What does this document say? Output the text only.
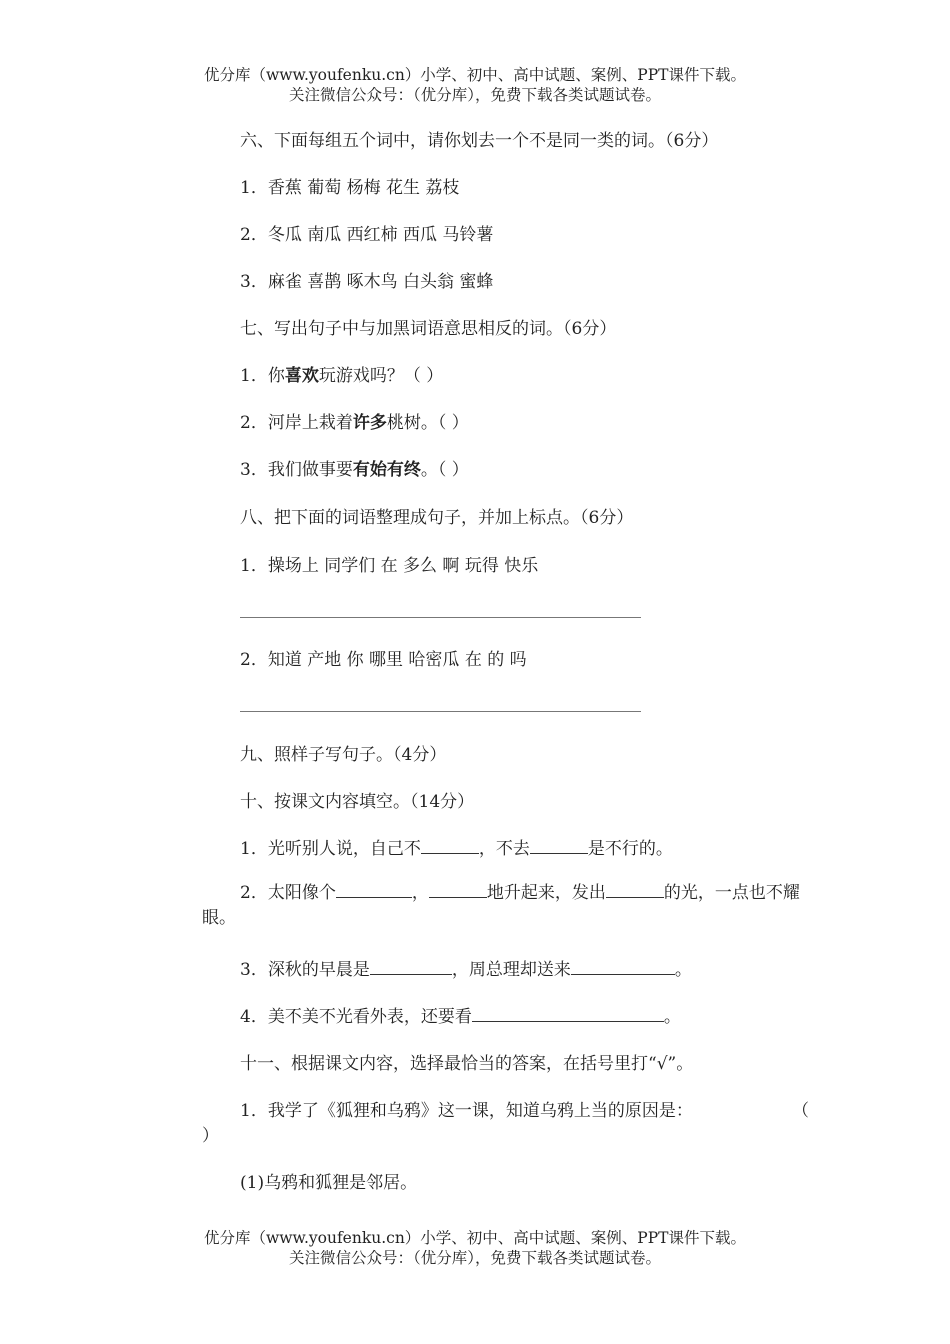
优分库（www.youfenku.cn）小学、初中、高中试题、案例、PPT课件下载。
关注微信公众号：（优分库），免费下载各类试题试卷。
六、下面每组五个词中，请你划去一个不是同一类的词。（6分）
1．香蕉 葡萄 杨梅 花生 荔枝
2．冬瓜 南瓜 西红柿 西瓜 马铃薯
3．麻雀 喜鹊 啄木鸟 白头翁 蜜蜂
七、写出句子中与加黑词语意思相反的词。（6分）
1．你喜欢玩游戏吗？（ ）
2．河岸上栽着许多桃树。（ ）
3．我们做事要有始有终。（ ）
八、把下面的词语整理成句子，并加上标点。（6分）
1．操场上 同学们 在 多么 啊 玩得 快乐
2．知道 产地 你 哪里 哈密瓜 在 的 吗
九、照样子写句子。（4分）
十、按课文内容填空。（14分）
1．光听别人说，自己不	，不去	是不行的。
2．太阳像个	，	地升起来，发出	的光，一点也不耀眼。
3．深秋的早晨是	，周总理却送来	。
4．美不美不光看外表，还要看	。
十一、根据课文内容，选择最恰当的答案，在括号里打“√”。
1．我学了《狐狸和乌鸦》这一课，知道乌鸦上当的原因是：	（
）
(1)乌鸦和狐狸是邻居。
优分库（www.youfenku.cn）小学、初中、高中试题、案例、PPT课件下载。
关注微信公众号：（优分库），免费下载各类试题试卷。
